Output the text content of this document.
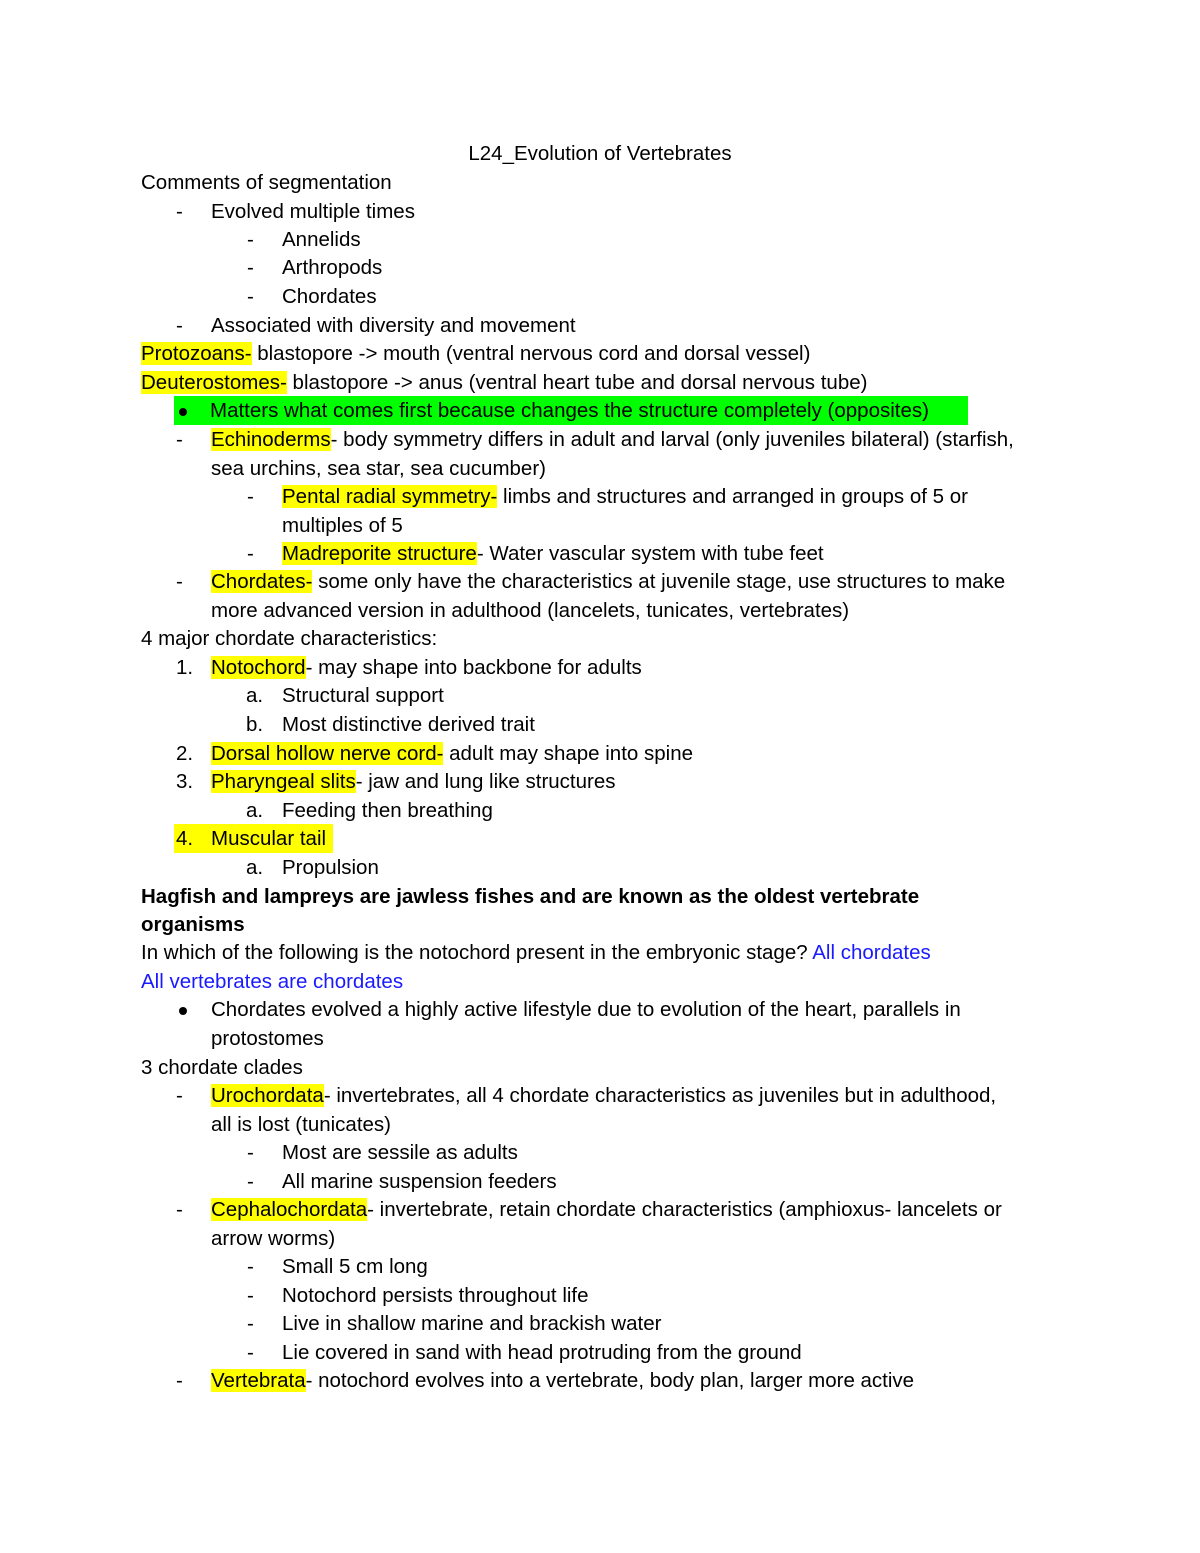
L24_Evolution of Vertebrates
Comments of segmentation
- Evolved multiple times
- Annelids
- Arthropods
- Chordates
- Associated with diversity and movement
Protozoans- blastopore -> mouth (ventral nervous cord and dorsal vessel)
Deuterostomes- blastopore -> anus (ventral heart tube and dorsal nervous tube)
Matters what comes first because changes the structure completely (opposites)
- Echinoderms- body symmetry differs in adult and larval (only juveniles bilateral) (starfish,
sea urchins, sea star, sea cucumber)
- Pental radial symmetry- limbs and structures and arranged in groups of 5 or
multiples of 5
- Madreporite structure- Water vascular system with tube feet
- Chordates- some only have the characteristics at juvenile stage, use structures to make
more advanced version in adulthood (lancelets, tunicates, vertebrates)
4 major chordate characteristics:
1. Notochord- may shape into backbone for adults
a. Structural support
b. Most distinctive derived trait
2. Dorsal hollow nerve cord- adult may shape into spine
3. Pharyngeal slits- jaw and lung like structures
a. Feeding then breathing
4. Muscular tail
a. Propulsion
Hagfish and lampreys are jawless fishes and are known as the oldest vertebrate
organisms
In which of the following is the notochord present in the embryonic stage? All chordates
All vertebrates are chordates
Chordates evolved a highly active lifestyle due to evolution of the heart, parallels in
protostomes
3 chordate clades
- Urochordata- invertebrates, all 4 chordate characteristics as juveniles but in adulthood,
all is lost (tunicates)
- Most are sessile as adults
- All marine suspension feeders
- Cephalochordata- invertebrate, retain chordate characteristics (amphioxus- lancelets or
arrow worms)
- Small 5 cm long
- Notochord persists throughout life
- Live in shallow marine and brackish water
- Lie covered in sand with head protruding from the ground
- Vertebrata- notochord evolves into a vertebrate, body plan, larger more active
